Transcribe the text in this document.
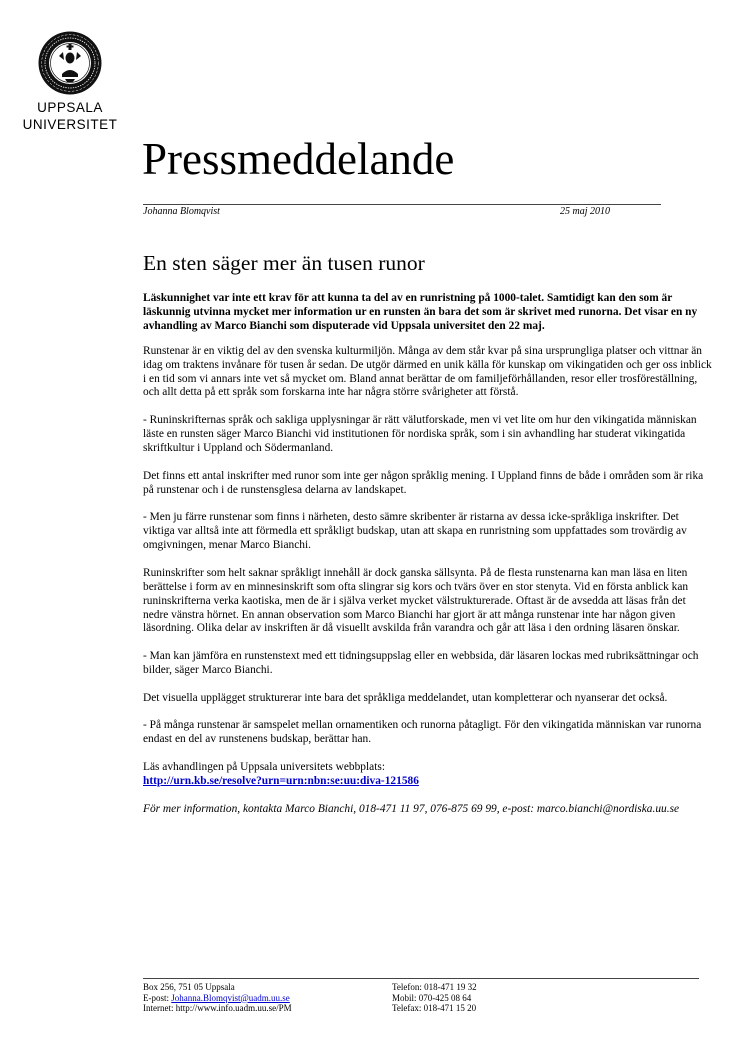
UPPSALA
UNIVERSITET
Pressmeddelande
Johanna Blomqvist	25 maj 2010
En sten säger mer än tusen runor

Läskunnighet var inte ett krav för att kunna ta del av en runristning på 1000-talet. Samtidigt kan den som är läskunnig utvinna mycket mer information ur en runsten än bara det som är skrivet med runorna. Det visar en ny avhandling av Marco Bianchi som disputerade vid Uppsala universitet den 22 maj.

Runstenar är en viktig del av den svenska kulturmiljön. Många av dem står kvar på sina ursprungliga platser och vittnar än idag om traktens invånare för tusen år sedan. De utgör därmed en unik källa för kunskap om vikingatiden och ger oss inblick i en tid som vi annars inte vet så mycket om. Bland annat berättar de om familjeförhållanden, resor eller trosföreställning, och allt detta på ett språk som forskarna inte har några större svårigheter att förstå.

- Runinskrifternas språk och sakliga upplysningar är rätt välutforskade, men vi vet lite om hur den vikingatida människan läste en runsten säger Marco Bianchi vid institutionen för nordiska språk, som i sin avhandling har studerat vikingatida skriftkultur i Uppland och Södermanland.

Det finns ett antal inskrifter med runor som inte ger någon språklig mening. I Uppland finns de både i områden som är rika på runstenar och i de runstensglesa delarna av landskapet.

- Men ju färre runstenar som finns i närheten, desto sämre skribenter är ristarna av dessa icke-språkliga inskrifter. Det viktiga var alltså inte att förmedla ett språkligt budskap, utan att skapa en runristning som uppfattades som trovärdig av omgivningen, menar Marco Bianchi.

Runinskrifter som helt saknar språkligt innehåll är dock ganska sällsynta. På de flesta runstenarna kan man läsa en liten berättelse i form av en minnesinskrift som ofta slingrar sig kors och tvärs över en stor stenyta. Vid en första anblick kan runinskrifterna verka kaotiska, men de är i själva verket mycket välstrukturerade. Oftast är de avsedda att läsas från det nedre vänstra hörnet. En annan observation som Marco Bianchi har gjort är att många runstenar inte har någon given läsordning. Olika delar av inskriften är då visuellt avskilda från varandra och går att läsa i den ordning läsaren önskar.

- Man kan jämföra en runstenstext med ett tidningsuppslag eller en webbsida, där läsaren lockas med rubriksättningar och bilder, säger Marco Bianchi.

Det visuella upplägget strukturerar inte bara det språkliga meddelandet, utan kompletterar och nyanserar det också.

- På många runstenar är samspelet mellan ornamentiken och runorna påtagligt. För den vikingatida människan var runorna endast en del av runstenens budskap, berättar han.

Läs avhandlingen på Uppsala universitets webbplats:
http://urn.kb.se/resolve?urn=urn:nbn:se:uu:diva-121586

För mer information, kontakta Marco Bianchi, 018-471 11 97, 076-875 69 99, e-post: marco.bianchi@nordiska.uu.se

Box 256, 751 05 Uppsala
E-post: Johanna.Blomqvist@uadm.uu.se
Internet: http://www.info.uadm.uu.se/PM
Telefon: 018-471 19 32
Mobil: 070-425 08 64
Telefax: 018-471 15 20
